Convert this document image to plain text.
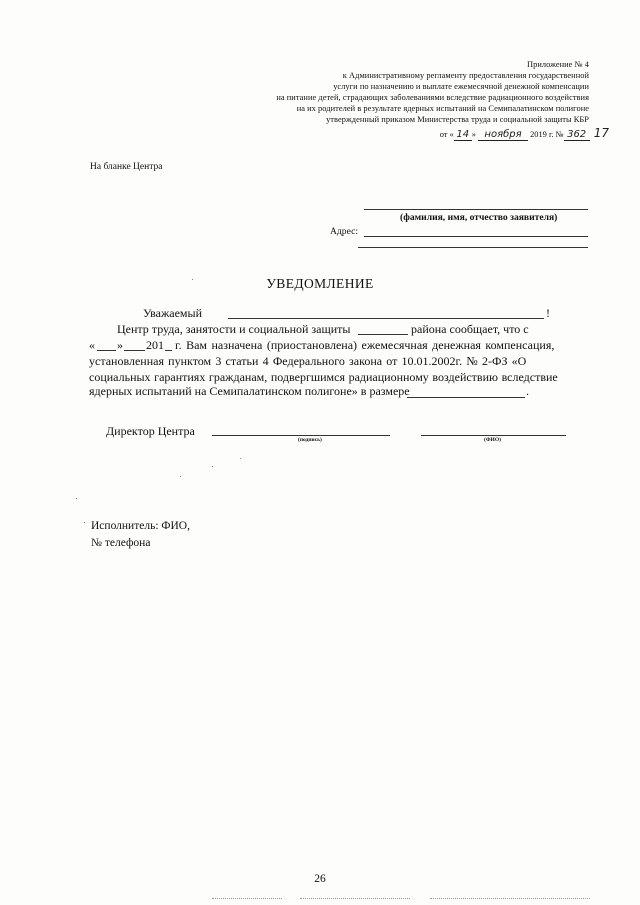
Приложение № 4
к Административному регламенту предоставления государственной
услуги по назначению и выплате ежемесячной денежной компенсации
на питание детей, страдающих заболеваниями вследствие радиационного воздействия
на их родителей в результате ядерных испытаний на Семипалатинском полигоне
утвержденный приказом Министерства труда и социальной защиты КБР
от « 14 » ноября 2019 г. № 362 17
На бланке Центра
(фамилия, имя, отчество заявителя)
Адрес:
УВЕДОМЛЕНИЕ
Уважаемый	!
Центр труда, занятости и социальной защиты	района сообщает, что с
« » 201 г. Вам назначена (приостановлена) ежемесячная денежная компенсация,
установленная пунктом 3 статьи 4 Федерального закона от 10.01.2002г. № 2-ФЗ «О
социальных гарантиях гражданам, подвергшимся радиационному воздействию вследствие
ядерных испытаний на Семипалатинском полигоне» в размере	.
Директор Центра
(подпись)	(ФИО)
Исполнитель: ФИО,
№ телефона
26
